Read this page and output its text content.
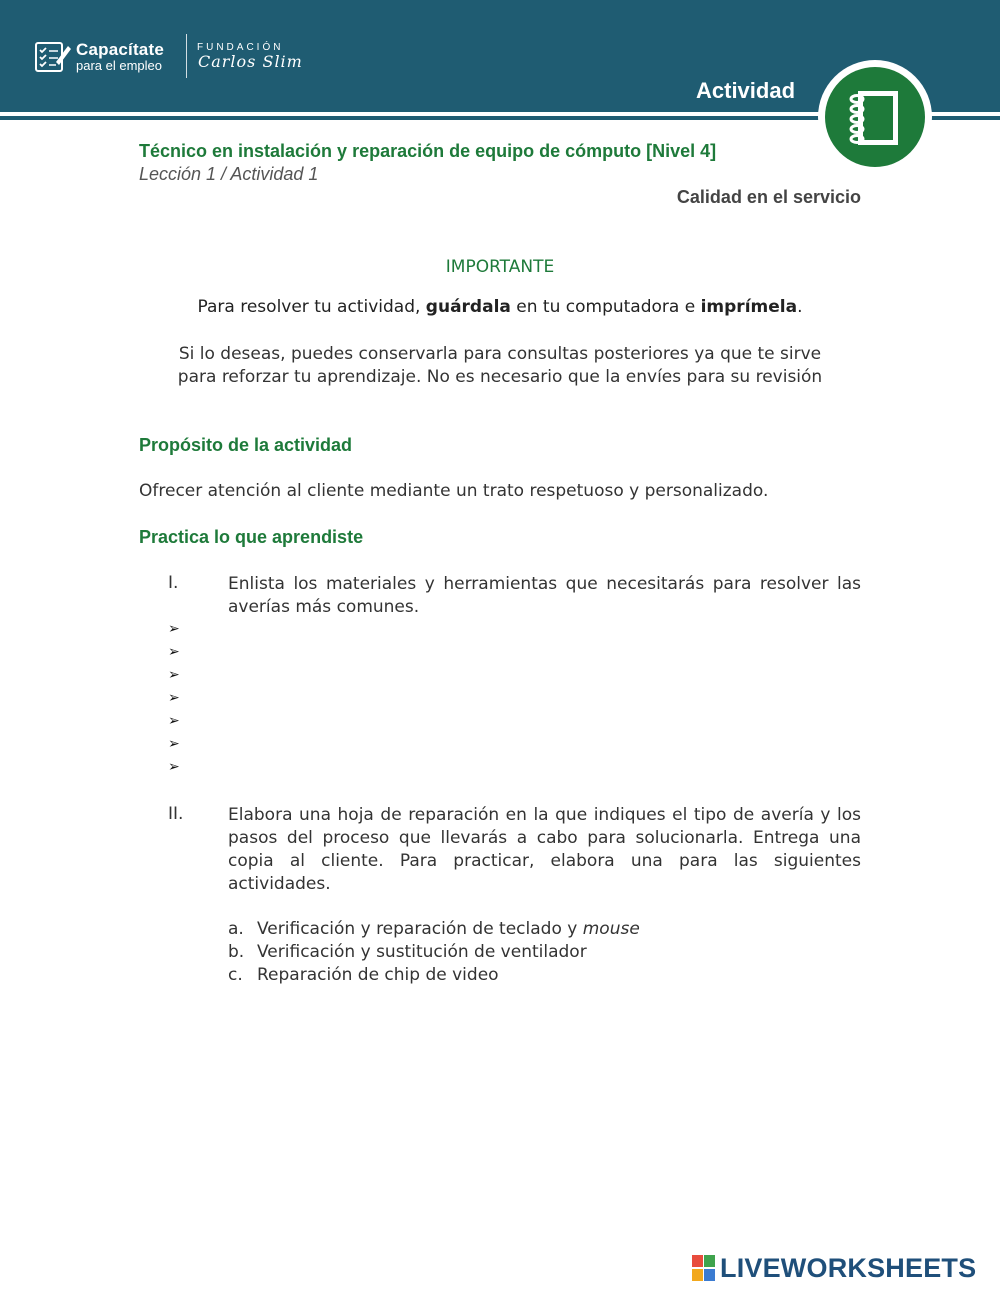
Capacítate
para el empleo
FUNDACIÓN
Carlos Slim
Actividad
Técnico en instalación y reparación de equipo de cómputo [Nivel 4]
Lección 1 / Actividad 1
Calidad en el servicio
IMPORTANTE
Para resolver tu actividad, guárdala en tu computadora e imprímela.
Si lo deseas, puedes conservarla para consultas posteriores ya que te sirve
para reforzar tu aprendizaje. No es necesario que la envíes para su revisión
Propósito de la actividad
Ofrecer atención al cliente mediante un trato respetuoso y personalizado.
Practica lo que aprendiste
I.	Enlista los materiales y herramientas que necesitarás para resolver las averías más comunes.
➢
➢
➢
➢
➢
➢
➢
II.	Elabora una hoja de reparación en la que indiques el tipo de avería y los pasos del proceso que llevarás a cabo para solucionarla. Entrega una copia al cliente. Para practicar, elabora una para las siguientes actividades.
a. Verificación y reparación de teclado y mouse
b. Verificación y sustitución de ventilador
c. Reparación de chip de video
LIVEWORKSHEETS
